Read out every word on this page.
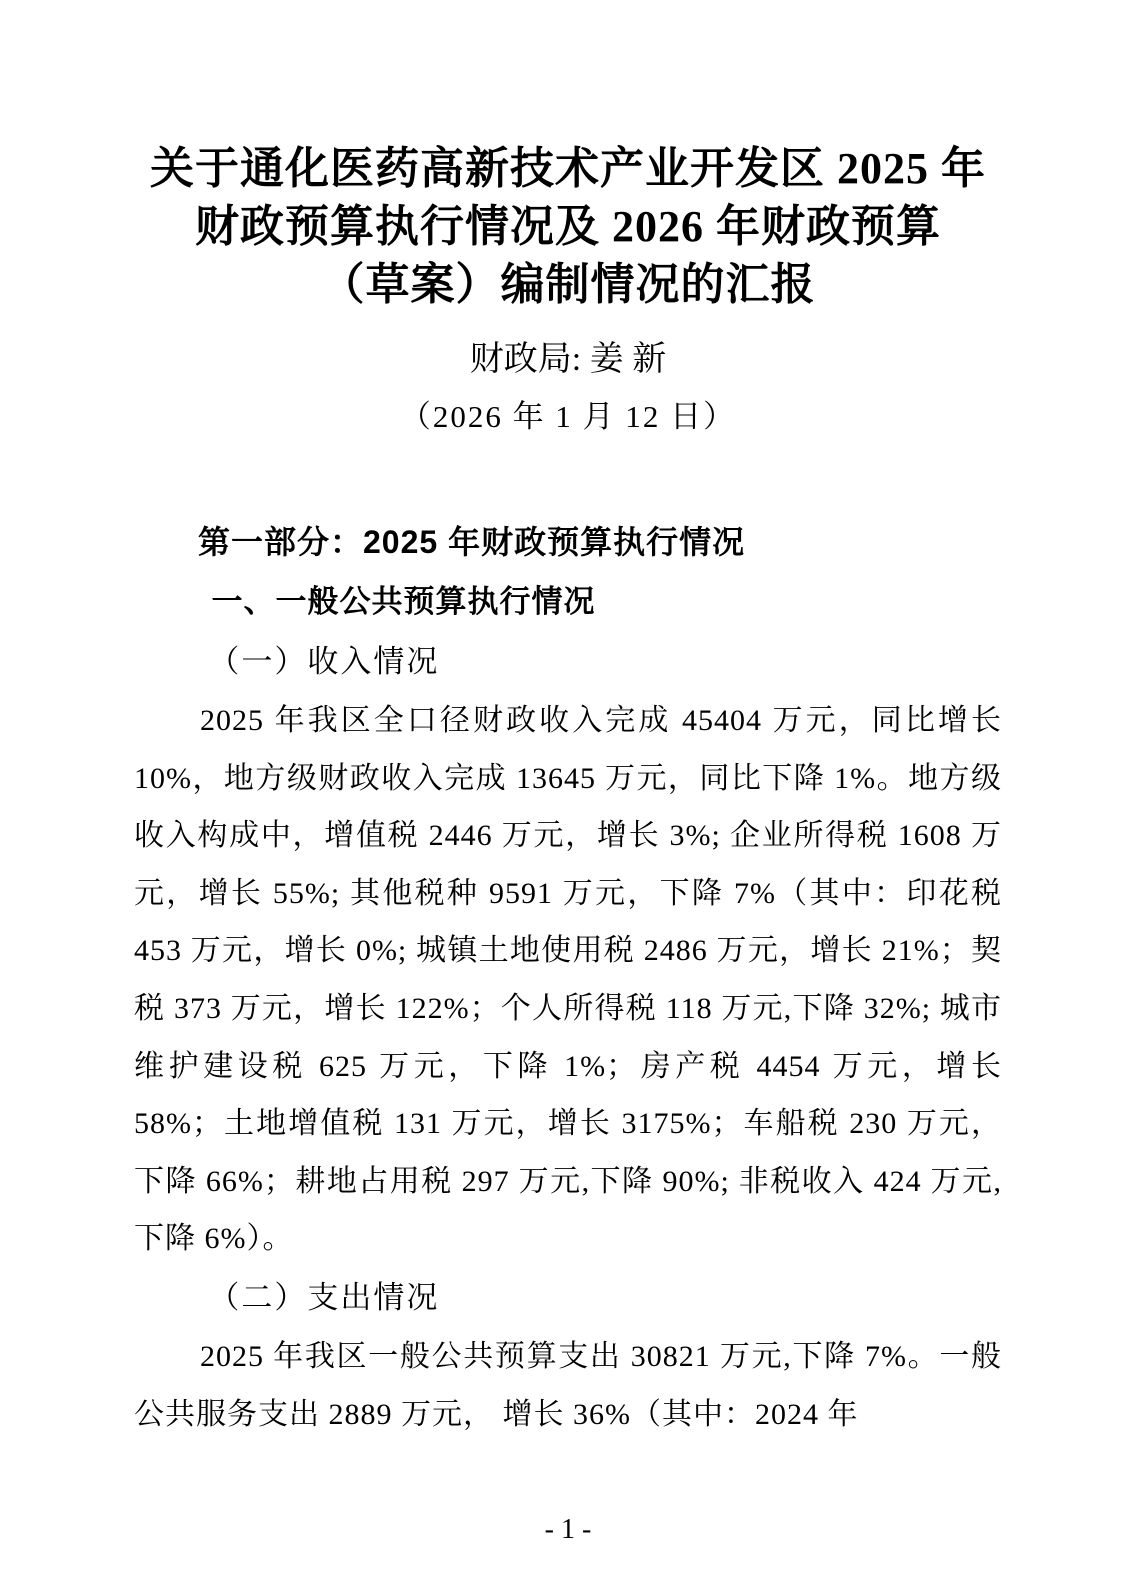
关于通化医药高新技术产业开发区 2025 年
财政预算执行情况及 2026 年财政预算
（草案）编制情况的汇报
财政局: 姜 新
（2026 年 1 月 12 日）
第一部分：2025 年财政预算执行情况
一、一般公共预算执行情况
（一）收入情况

2025 年我区全口径财政收入完成 45404 万元，同比增长 10%，地方级财政收入完成 13645 万元，同比下降 1%。地方级收入构成中，增值税 2446 万元，增长 3%; 企业所得税 1608 万元，增长 55%; 其他税种 9591 万元，下降 7%（其中：印花税 453 万元，增长 0%; 城镇土地使用税 2486 万元，增长 21%；契税 373 万元，增长 122%；个人所得税 118 万元,下降 32%; 城市维护建设税 625 万元，下降 1%；房产税 4454 万元，增长 58%；土地增值税 131 万元，增长 3175%；车船税 230 万元，下降 66%；耕地占用税 297 万元,下降 90%; 非税收入 424 万元,下降 6%）。

（二）支出情况

2025 年我区一般公共预算支出 30821 万元,下降 7%。一般公共服务支出 2889 万元， 增长 36%（其中：2024 年

- 1 -
